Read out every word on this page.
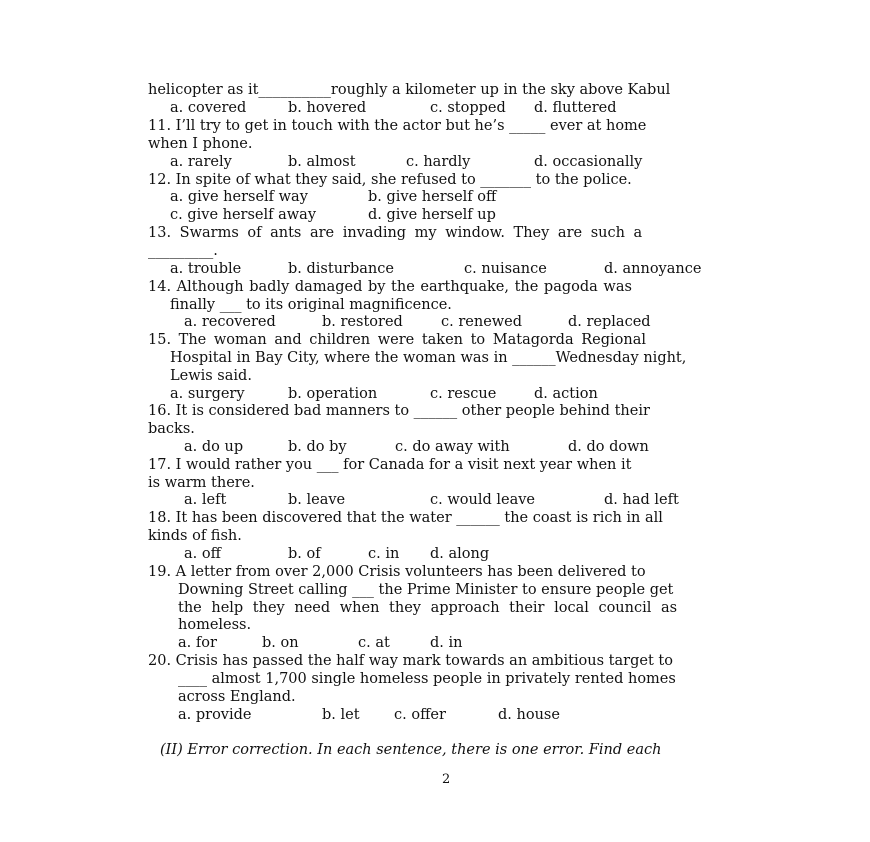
helicopter as it__________roughly a kilometer up in the sky above Kabul
a. covered	b. hovered	c. stopped d. fluttered
11. I’ll try to get in touch with the actor but he’s _____ ever at home
when I phone.
a. rarely	b. almost	c. hardly	d. occasionally
12. In spite of what they said, she refused to _______ to the police.
a. give herself way	b. give herself off
c. give herself away	d. give herself up
13. Swarms of ants are invading my window. They are such a
_________.
a. trouble	b. disturbance	c. nuisance	d. annoyance
14. Although badly damaged by the earthquake, the pagoda was
finally ___ to its original magnificence.
a. recovered	b. restored	c. renewed	d. replaced
15. The woman and children were taken to Matagorda Regional
Hospital in Bay City, where the woman was in ______Wednesday night,
Lewis said.
a. surgery	b. operation	c. rescue	d. action
16. It is considered bad manners to ______ other people behind their
backs.
a. do up	b. do by	c. do away with	d. do down
17. I would rather you ___ for Canada for a visit next year when it
is warm there.
a. left	b. leave	c. would leave	d. had left
18. It has been discovered that the water ______ the coast is rich in all
kinds of fish.
a. off	b. of	c. in d. along
19. A letter from over 2,000 Crisis volunteers has been delivered to
Downing Street calling ___ the Prime Minister to ensure people get
the help they need when they approach their local council as
homeless.
a. for	b. on	c. at	d. in
20. Crisis has passed the half way mark towards an ambitious target to
____ almost 1,700 single homeless people in privately rented homes
across England.
a. provide	b. let c. offer	d. house
(II) Error correction. In each sentence, there is one error. Find each
2
